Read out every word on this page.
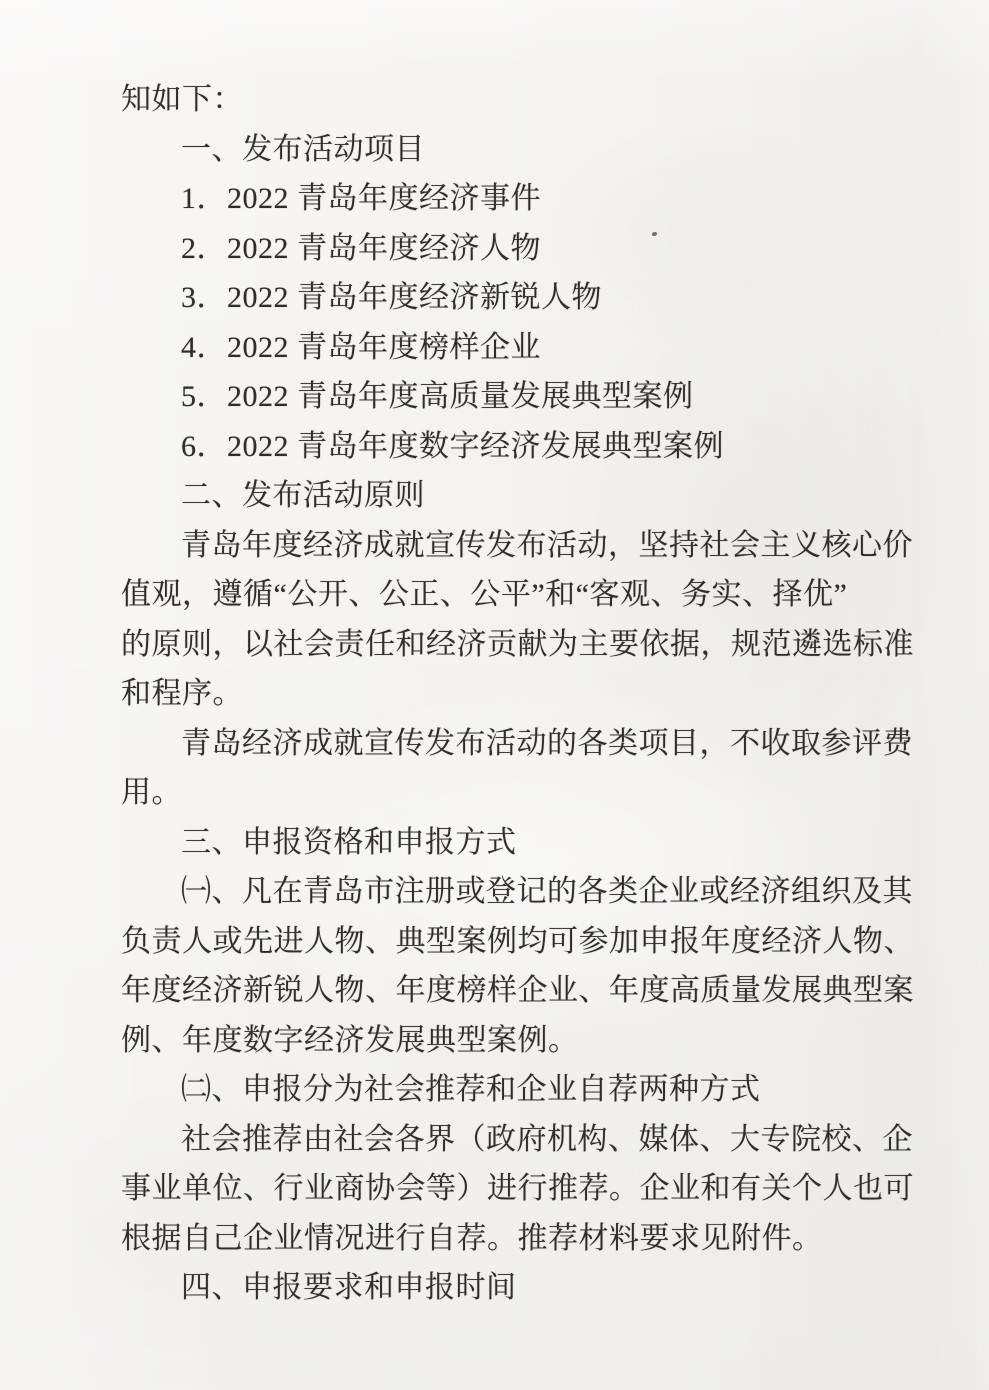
知如下：
一、发布活动项目
1．2022 青岛年度经济事件
2．2022 青岛年度经济人物
3．2022 青岛年度经济新锐人物
4．2022 青岛年度榜样企业
5．2022 青岛年度高质量发展典型案例
6．2022 青岛年度数字经济发展典型案例
二、发布活动原则
青岛年度经济成就宣传发布活动，坚持社会主义核心价
值观，遵循“公开、公正、公平”和“客观、务实、择优”
的原则，以社会责任和经济贡献为主要依据，规范遴选标准
和程序。
青岛经济成就宣传发布活动的各类项目，不收取参评费
用。
三、申报资格和申报方式
㈠、凡在青岛市注册或登记的各类企业或经济组织及其
负责人或先进人物、典型案例均可参加申报年度经济人物、
年度经济新锐人物、年度榜样企业、年度高质量发展典型案
例、年度数字经济发展典型案例。
㈡、申报分为社会推荐和企业自荐两种方式
社会推荐由社会各界（政府机构、媒体、大专院校、企
事业单位、行业商协会等）进行推荐。企业和有关个人也可
根据自己企业情况进行自荐。推荐材料要求见附件。
四、申报要求和申报时间
